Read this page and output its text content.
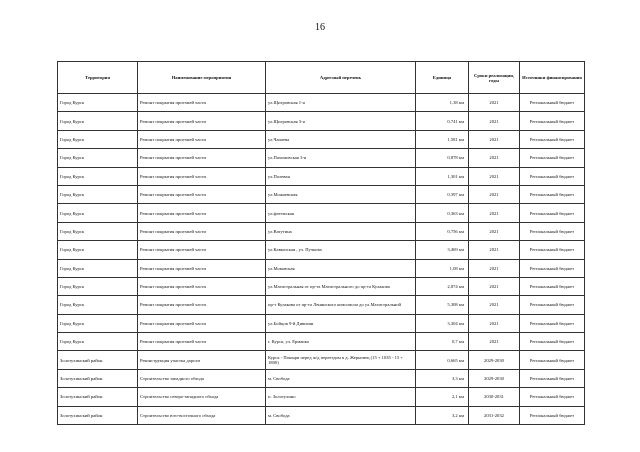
16
Территория	Наименование мероприятия	Адресный перечень	Единица	Сроки реализации, годы	Источники финансирования
Город Курск	Ремонт покрытия проезжей части	ул.Щигровская 1-я	1,38 км	2021	Региональный бюджет
Город Курск	Ремонт покрытия проезжей части	ул.Щигровская 3-я	0,741 км	2021	Региональный бюджет
Город Курск	Ремонт покрытия проезжей части	ул.Чапаева	1,581 км	2021	Региональный бюджет
Город Курск	Ремонт покрытия проезжей части	ул.Пахомовская 3-я	0,878 км	2021	Региональный бюджет
Город Курск	Ремонт покрытия проезжей части	ул.Полевая	1,301 км	2021	Региональный бюджет
Город Курск	Ремонт покрытия проезжей части	ул.Можаевская	0,397 км	2021	Региональный бюджет
Город Курск	Ремонт покрытия проезжей части	ул.фатежская	0,363 км	2021	Региональный бюджет
Город Курск	Ремонт покрытия проезжей части	ул.Ватутина	0,756 км	2021	Региональный бюджет
Город Курск	Ремонт покрытия проезжей части	ул.Кавказская , ул. Пучкова	3,469 км	2021	Региональный бюджет
Город Курск	Ремонт покрытия проезжей части	ул.Моковская	1,08 км	2021	Региональный бюджет
Город Курск	Ремонт покрытия проезжей части	ул.Магистральная от пр-та Магистрального до пр-та Кулакова	2,874 км	2021	Региональный бюджет
Город Курск	Ремонт покрытия проезжей части	пр-т Кулакова от пр-та Ленинского комсомола до ул.Магистральной	5,308 км	2021	Региональный бюджет
Город Курск	Ремонт покрытия проезжей части	ул.Бойцов 9-й Дивизии	3,304 км	2021	Региональный бюджет
Город Курск	Ремонт покрытия проезжей части	г. Курск, ул. Ермаика	0,7 км	2021	Региональный бюджет
Золотухинский район	Реконструкция участка дороги	Курск - Поныри перед ж/д переездом в д. Жерновец (15 + 1035 - 15 + 1800)	0,665 км	2029-2030	Региональный бюджет
Золотухинский район	Строительство западного обхода	м. Свобода	3,3 км	2029-2030	Региональный бюджет
Золотухинский район	Строительство северо-западного обхода	п. Золотухино	2,1 км	2030-2031	Региональный бюджет
Золотухинский район	Строительство юго-восточного обхода	м. Свобода	3,2 км	2031-2032	Региональный бюджет
